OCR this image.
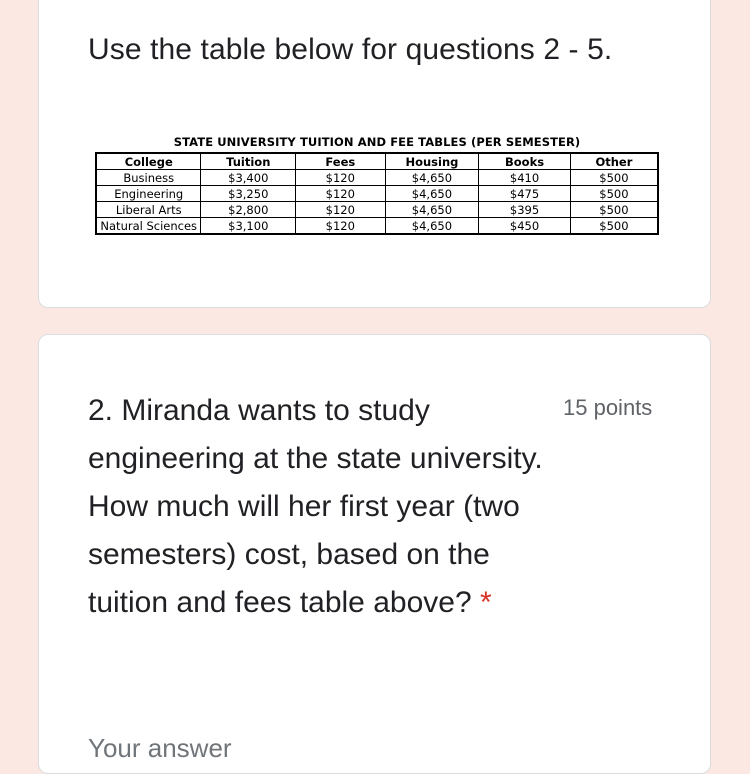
Use the table below for questions 2 - 5.
STATE UNIVERSITY TUITION AND FEE TABLES (PER SEMESTER)
College	Tuition	Fees	Housing	Books	Other
Business	$3,400	$120	$4,650	$410	$500
Engineering	$3,250	$120	$4,650	$475	$500
Liberal Arts	$2,800	$120	$4,650	$395	$500
Natural Sciences	$3,100	$120	$4,650	$450	$500

2. Miranda wants to study engineering at the state university. How much will her first year (two semesters) cost, based on the tuition and fees table above? *

15 points
Your answer
